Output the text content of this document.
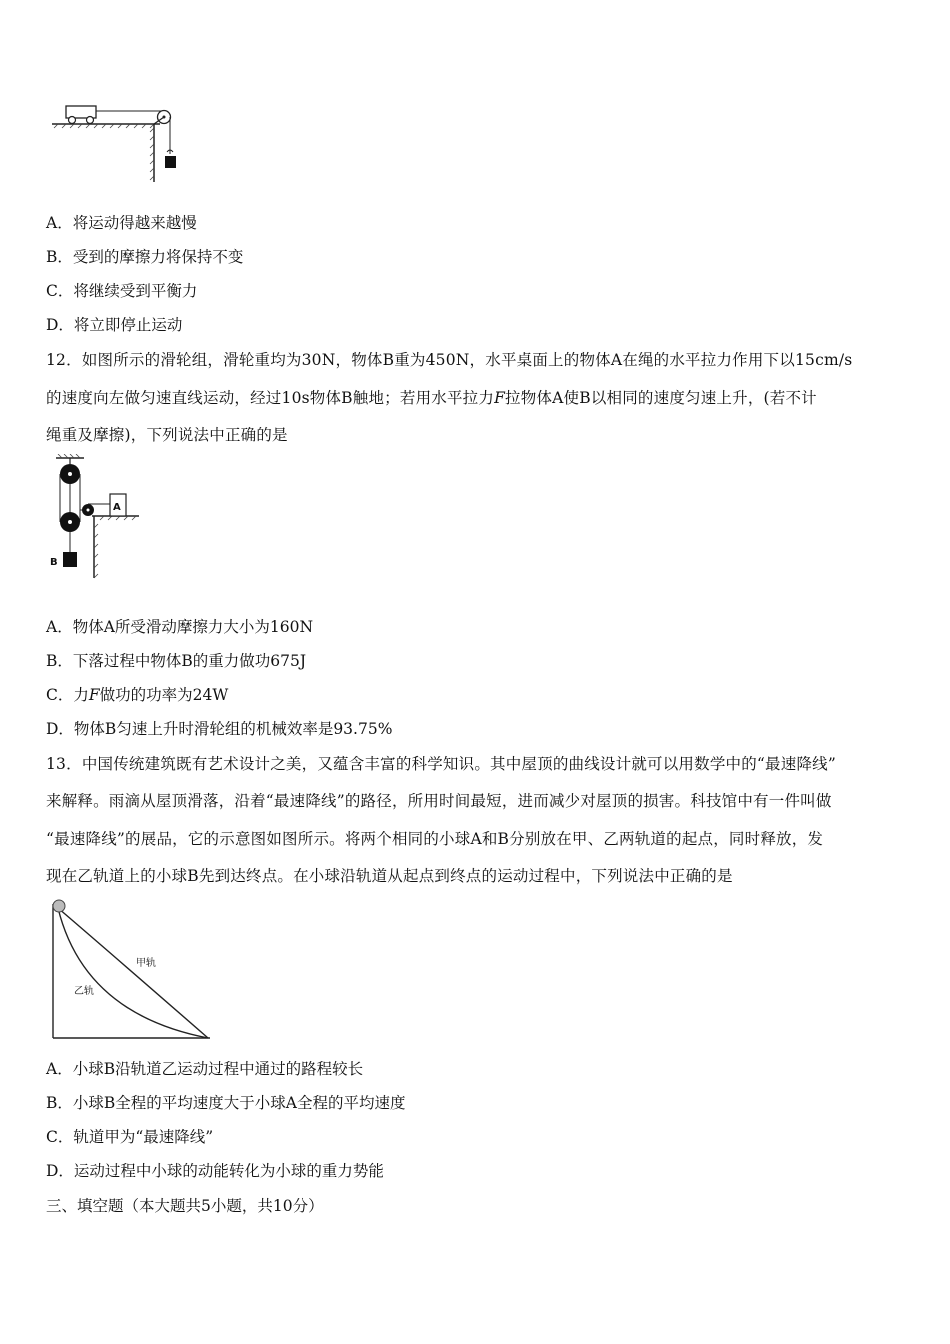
A．将运动得越来越慢
B．受到的摩擦力将保持不变
C．将继续受到平衡力
D．将立即停止运动
12．如图所示的滑轮组，滑轮重均为30N，物体B重为450N，水平桌面上的物体A在绳的水平拉力作用下以15cm/s
的速度向左做匀速直线运动，经过10s物体B触地；若用水平拉力F拉物体A使B以相同的速度匀速上升，(若不计
绳重及摩擦)，下列说法中正确的是
B
A
A．物体A所受滑动摩擦力大小为160N
B．下落过程中物体B的重力做功675J
C．力F做功的功率为24W
D．物体B匀速上升时滑轮组的机械效率是93.75%
13．中国传统建筑既有艺术设计之美，又蕴含丰富的科学知识。其中屋顶的曲线设计就可以用数学中的“最速降线”
来解释。雨滴从屋顶滑落，沿着“最速降线”的路径，所用时间最短，进而减少对屋顶的损害。科技馆中有一件叫做
“最速降线”的展品，它的示意图如图所示。将两个相同的小球A和B分别放在甲、乙两轨道的起点，同时释放，发
现在乙轨道上的小球B先到达终点。在小球沿轨道从起点到终点的运动过程中，下列说法中正确的是
甲轨
乙轨
A．小球B沿轨道乙运动过程中通过的路程较长
B．小球B全程的平均速度大于小球A全程的平均速度
C．轨道甲为“最速降线”
D．运动过程中小球的动能转化为小球的重力势能
三、填空题（本大题共5小题，共10分）
